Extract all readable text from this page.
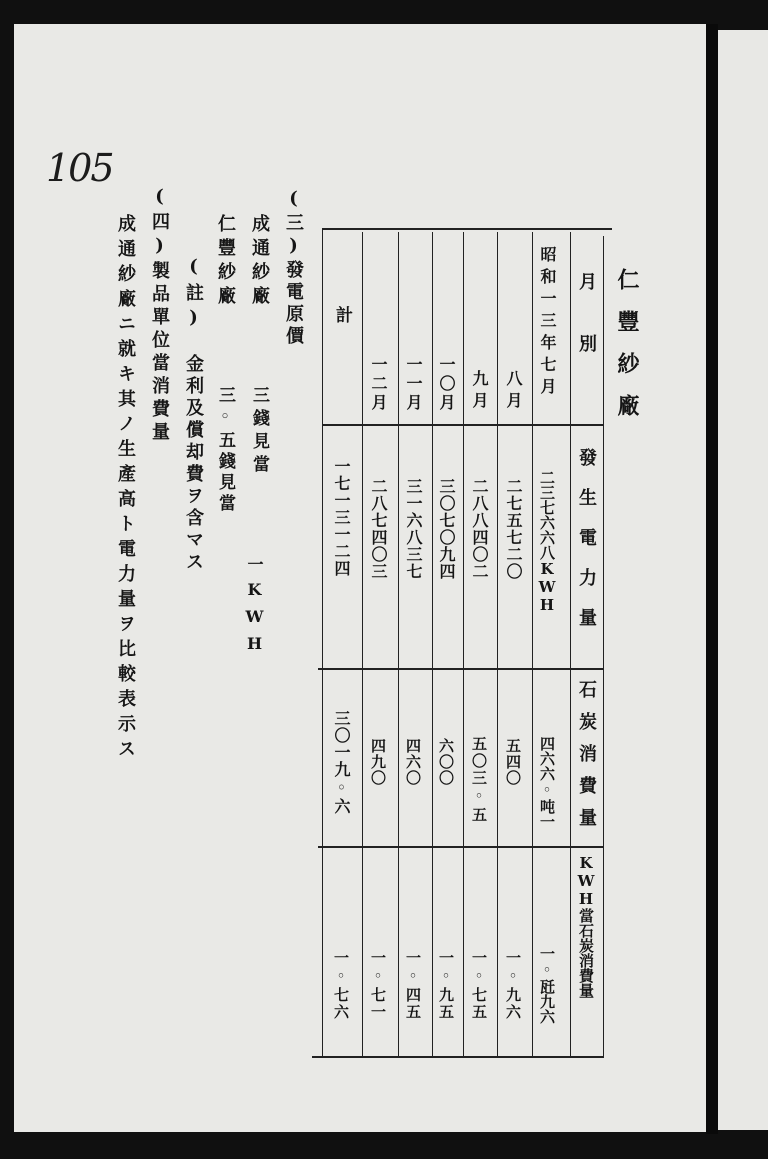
105
仁豐紗廠
月別
發生電力量
石炭消費量
KWH當石炭消費量
昭和一三年七月
二三七六六八KWH
四六六◦吨一
一◦瓩九六
八月
二七五七二〇
五四〇
一◦九六
九月
二八八四〇二
五〇三◦五
一◦七五
一〇月
三〇七〇九四
六〇〇
一◦九五
一一月
三一六八三七
四六〇
一◦四五
一二月
二八七四〇三
四九〇
一◦七一
計
一七一三一二四
三〇一九◦六
一◦七六
(三)發電原價
成通紗廠
三錢見當
一KWH
仁豐紗廠
三◦五錢見當
(註)
金利及償却費ヲ含マス
(四)製品單位當消費量
成通紗廠ニ就キ其ノ生產高ト電力量ヲ比較表示ス
